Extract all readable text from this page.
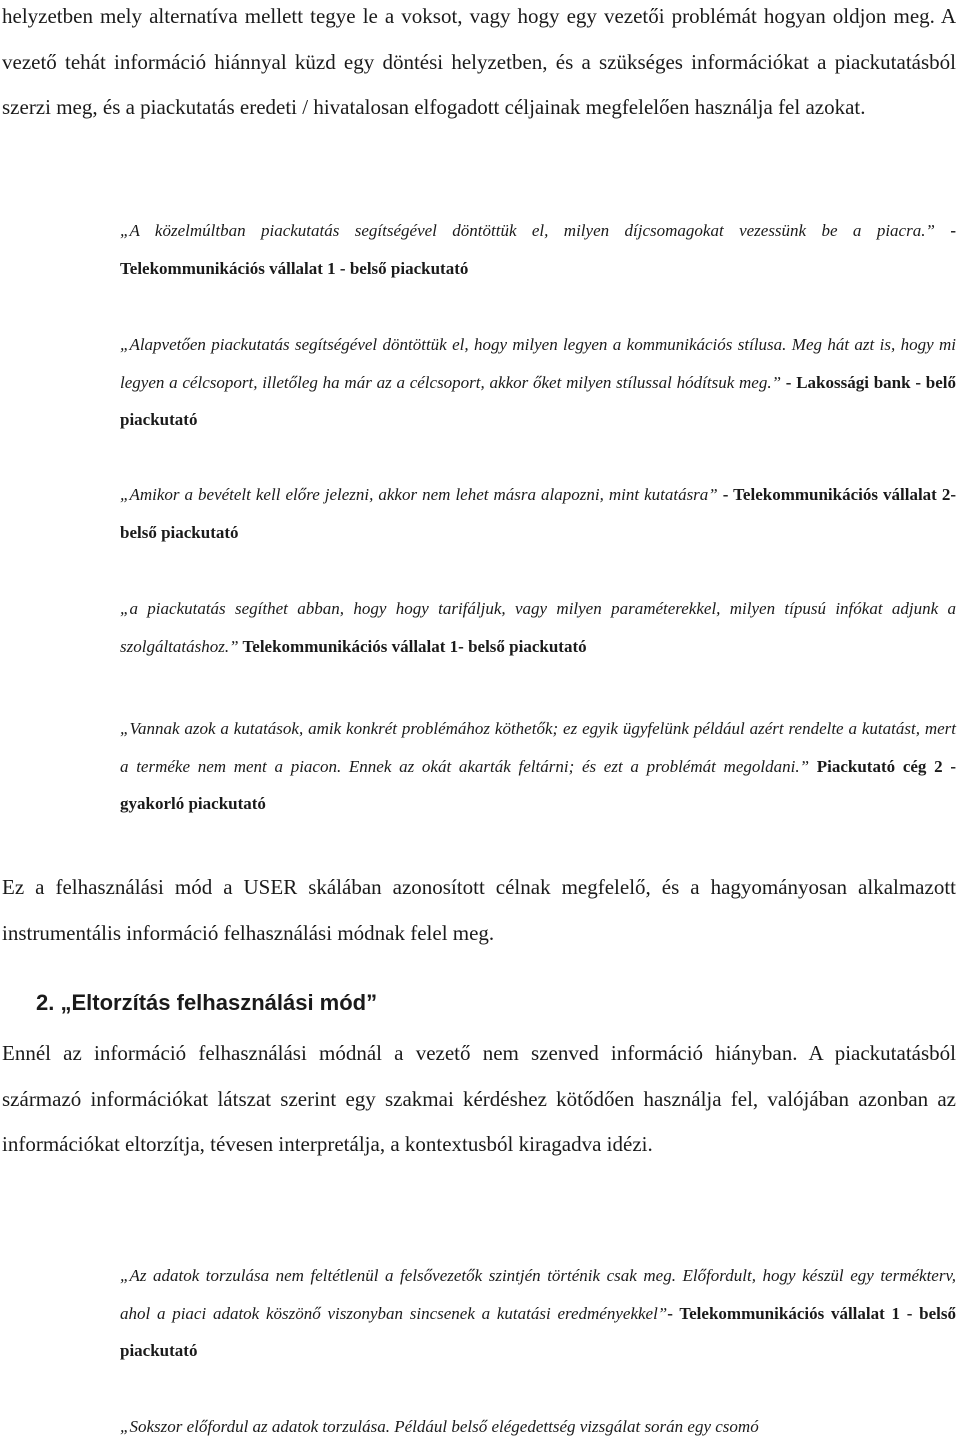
helyzetben mely alternatíva mellett tegye le a voksot, vagy hogy egy vezetői problémát hogyan oldjon meg. A vezető tehát információ hiánnyal küzd egy döntési helyzetben, és a szükséges információkat a piackutatásból szerzi meg, és a piackutatás eredeti / hivatalosan elfogadott céljainak megfelelően használja fel azokat.

„A közelmúltban piackutatás segítségével döntöttük el, milyen díjcsomagokat vezessünk be a piacra.” - Telekommunikációs vállalat 1 - belső piackutató

„Alapvetően piackutatás segítségével döntöttük el, hogy milyen legyen a kommunikációs stílusa. Meg hát azt is, hogy mi legyen a célcsoport, illetőleg ha már az a célcsoport, akkor őket milyen stílussal hódítsuk meg.” - Lakossági bank - belő piackutató

„Amikor a bevételt kell előre jelezni, akkor nem lehet másra alapozni, mint kutatásra” - Telekommunikációs vállalat 2- belső piackutató

„a piackutatás segíthet abban, hogy hogy tarifáljuk, vagy milyen paraméterekkel, milyen típusú infókat adjunk a szolgáltatáshoz.” Telekommunikációs vállalat 1- belső piackutató

„Vannak azok a kutatások, amik konkrét problémához köthetők; ez egyik ügyfelünk például azért rendelte a kutatást, mert a terméke nem ment a piacon. Ennek az okát akarták feltárni; és ezt a problémát megoldani.” Piackutató cég 2 - gyakorló piackutató

Ez a felhasználási mód a USER skálában azonosított célnak megfelelő, és a hagyományosan alkalmazott instrumentális információ felhasználási módnak felel meg.

2. „Eltorzítás felhasználási mód”

Ennél az információ felhasználási módnál a vezető nem szenved információ hiányban. A piackutatásból származó információkat látszat szerint egy szakmai kérdéshez kötődően használja fel, valójában azonban az információkat eltorzítja, tévesen interpretálja, a kontextusból kiragadva idézi.

„Az adatok torzulása nem feltétlenül a felsővezetők szintjén történik csak meg. Előfordult, hogy készül egy termékterv, ahol a piaci adatok köszönő viszonyban sincsenek a kutatási eredményekkel”- Telekommunikációs vállalat 1 - belső piackutató

„Sokszor előfordul az adatok torzulása. Például belső elégedettség vizsgálat során egy csomó
